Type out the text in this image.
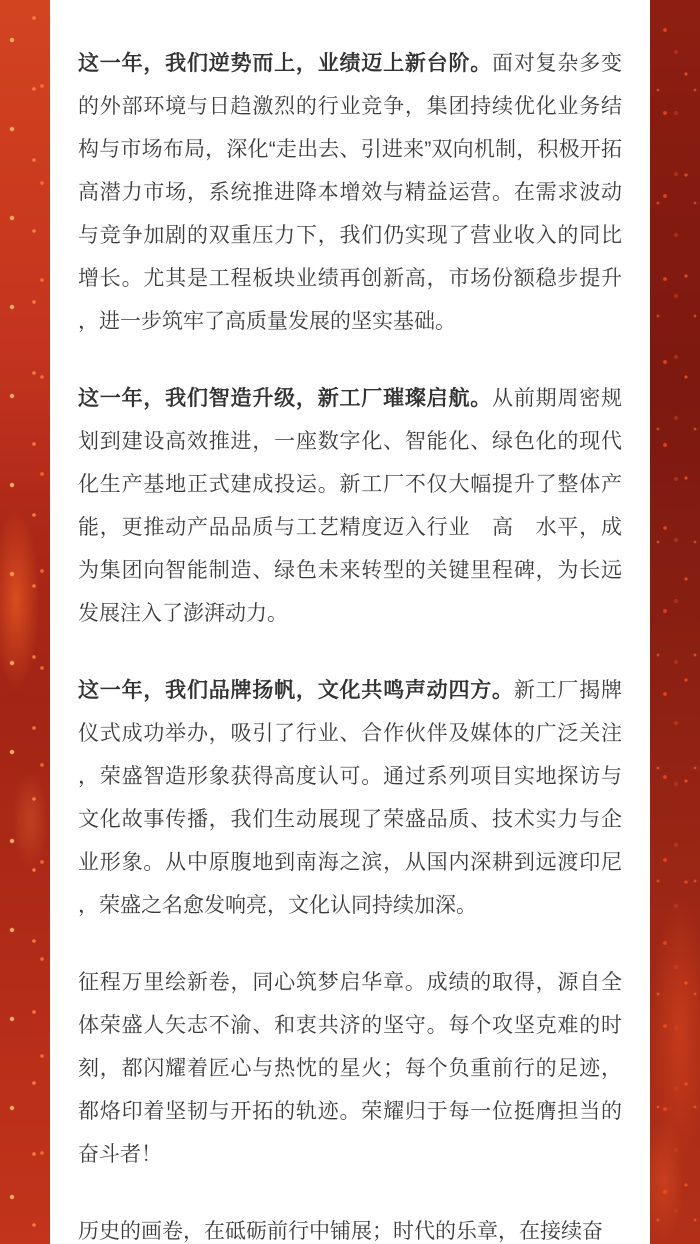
这一年，我们逆势而上，业绩迈上新台阶。面对复杂多变的外部环境与日趋激烈的行业竞争，集团持续优化业务结构与市场布局，深化“走出去、引进来”双向机制，积极开拓高潜力市场，系统推进降本增效与精益运营。在需求波动与竞争加剧的双重压力下，我们仍实现了营业收入的同比增长。尤其是工程板块业绩再创新高，市场份额稳步提升，进一步筑牢了高质量发展的坚实基础。

这一年，我们智造升级，新工厂璀璨启航。从前期周密规划到建设高效推进，一座数字化、智能化、绿色化的现代化生产基地正式建成投运。新工厂不仅大幅提升了整体产能，更推动产品品质与工艺精度迈入行业　高　水平，成为集团向智能制造、绿色未来转型的关键里程碑，为长远发展注入了澎湃动力。

这一年，我们品牌扬帆，文化共鸣声动四方。新工厂揭牌仪式成功举办，吸引了行业、合作伙伴及媒体的广泛关注，荣盛智造形象获得高度认可。通过系列项目实地探访与文化故事传播，我们生动展现了荣盛品质、技术实力与企业形象。从中原腹地到南海之滨，从国内深耕到远渡印尼，荣盛之名愈发响亮，文化认同持续加深。

征程万里绘新卷，同心筑梦启华章。成绩的取得，源自全体荣盛人矢志不渝、和衷共济的坚守。每个攻坚克难的时刻，都闪耀着匠心与热忱的星火；每个负重前行的足迹，都烙印着坚韧与开拓的轨迹。荣耀归于每一位挺膺担当的奋斗者！

历史的画卷，在砥砺前行中铺展；时代的乐章，在接续奋
